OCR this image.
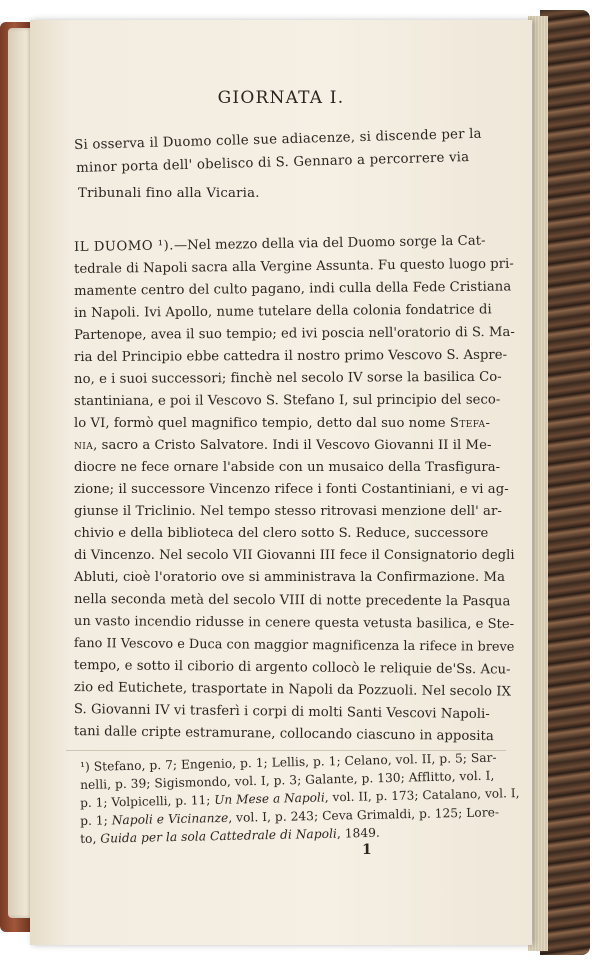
GIORNATA I.
Si osserva il Duomo colle sue adiacenze, si discende per la
minor porta dell' obelisco di S. Gennaro a percorrere via
Tribunali fino alla Vicaria.
IL DUOMO ¹).—Nel mezzo della via del Duomo sorge la Cat-
tedrale di Napoli sacra alla Vergine Assunta. Fu questo luogo pri-
mamente centro del culto pagano, indi culla della Fede Cristiana
in Napoli. Ivi Apollo, nume tutelare della colonia fondatrice di
Partenope, avea il suo tempio; ed ivi poscia nell'oratorio di S. Ma-
ria del Principio ebbe cattedra il nostro primo Vescovo S. Aspre-
no, e i suoi successori; finchè nel secolo IV sorse la basilica Co-
stantiniana, e poi il Vescovo S. Stefano I, sul principio del seco-
lo VI, formò quel magnifico tempio, detto dal suo nome Stefa-
nia, sacro a Cristo Salvatore. Indi il Vescovo Giovanni II il Me-
diocre ne fece ornare l'abside con un musaico della Trasfigura-
zione; il successore Vincenzo rifece i fonti Costantiniani, e vi ag-
giunse il Triclinio. Nel tempo stesso ritrovasi menzione dell' ar-
chivio e della biblioteca del clero sotto S. Reduce, successore
di Vincenzo. Nel secolo VII Giovanni III fece il Consignatorio degli
Abluti, cioè l'oratorio ove si amministrava la Confirmazione. Ma
nella seconda metà del secolo VIII di notte precedente la Pasqua
un vasto incendio ridusse in cenere questa vetusta basilica, e Ste-
fano II Vescovo e Duca con maggior magnificenza la rifece in breve
tempo, e sotto il ciborio di argento collocò le reliquie de'Ss. Acu-
zio ed Eutichete, trasportate in Napoli da Pozzuoli. Nel secolo IX
S. Giovanni IV vi trasferì i corpi di molti Santi Vescovi Napoli-
tani dalle cripte estramurane, collocando ciascuno in apposita
¹) Stefano, p. 7; Engenio, p. 1; Lellis, p. 1; Celano, vol. II, p. 5; Sar-
nelli, p. 39; Sigismondo, vol. I, p. 3; Galante, p. 130; Afflitto, vol. I,
p. 1; Volpicelli, p. 11; Un Mese a Napoli, vol. II, p. 173; Catalano, vol. I,
p. 1; Napoli e Vicinanze, vol. I, p. 243; Ceva Grimaldi, p. 125; Lore-
to, Guida per la sola Cattedrale di Napoli, 1849.
1
